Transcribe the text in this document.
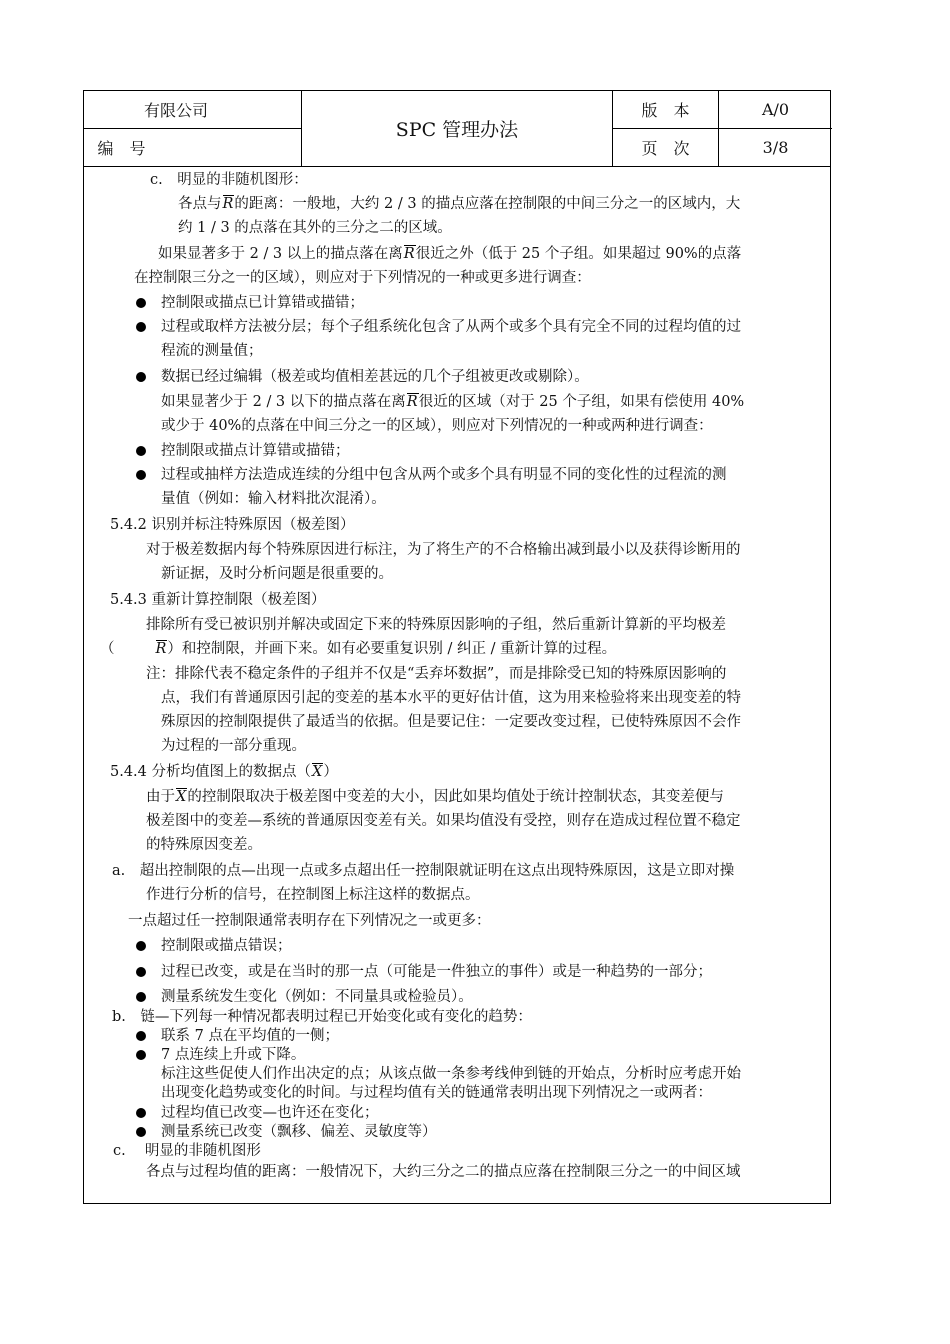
有限公司
SPC 管理办法
版　本	A/0
编　号	页　次	3/8
c.　明显的非随机图形：
各点与R的距离：一般地，大约 2 / 3 的描点应落在控制限的中间三分之一的区域内，大
约 1 / 3 的点落在其外的三分之二的区域。
如果显著多于 2 / 3 以上的描点落在离R很近之外（低于 25 个子组。如果超过 90%的点落
在控制限三分之一的区域），则应对于下列情况的一种或更多进行调查：
控制限或描点已计算错或描错；
过程或取样方法被分层；每个子组系统化包含了从两个或多个具有完全不同的过程均值的过
程流的测量值；
数据已经过编辑（极差或均值相差甚远的几个子组被更改或剔除）。
如果显著少于 2 / 3 以下的描点落在离R很近的区域（对于 25 个子组，如果有偿使用 40%
或少于 40%的点落在中间三分之一的区域），则应对下列情况的一种或两种进行调查：
控制限或描点计算错或描错；
过程或抽样方法造成连续的分组中包含从两个或多个具有明显不同的变化性的过程流的测
量值（例如：输入材料批次混淆）。
5.4.2 识别并标注特殊原因（极差图）
对于极差数据内每个特殊原因进行标注，为了将生产的不合格输出减到最小以及获得诊断用的
新证据，及时分析问题是很重要的。
5.4.3 重新计算控制限（极差图）
排除所有受已被识别并解决或固定下来的特殊原因影响的子组，然后重新计算新的平均极差
（	R）和控制限，并画下来。如有必要重复识别 / 纠正 / 重新计算的过程。
注：排除代表不稳定条件的子组并不仅是“丢弃坏数据”，而是排除受已知的特殊原因影响的
点，我们有普通原因引起的变差的基本水平的更好估计值，这为用来检验将来出现变差的特
殊原因的控制限提供了最适当的依据。但是要记住：一定要改变过程，已使特殊原因不会作
为过程的一部分重现。
5.4.4 分析均值图上的数据点（X）
由于X的控制限取决于极差图中变差的大小，因此如果均值处于统计控制状态，其变差便与
极差图中的变差—系统的普通原因变差有关。如果均值没有受控，则存在造成过程位置不稳定
的特殊原因变差。
a.　超出控制限的点—出现一点或多点超出任一控制限就证明在这点出现特殊原因，这是立即对操
作进行分析的信号，在控制图上标注这样的数据点。
一点超过任一控制限通常表明存在下列情况之一或更多：
控制限或描点错误；
过程已改变，或是在当时的那一点（可能是一件独立的事件）或是一种趋势的一部分；
测量系统发生变化（例如：不同量具或检验员）。
b.　链—下列每一种情况都表明过程已开始变化或有变化的趋势：
联系 7 点在平均值的一侧；
7 点连续上升或下降。
标注这些促使人们作出决定的点；从该点做一条参考线伸到链的开始点，分析时应考虑开始
出现变化趋势或变化的时间。与过程均值有关的链通常表明出现下列情况之一或两者：
过程均值已改变—也许还在变化；
测量系统已改变（飘移、偏差、灵敏度等）
c.　 明显的非随机图形
各点与过程均值的距离：一般情况下，大约三分之二的描点应落在控制限三分之一的中间区域
